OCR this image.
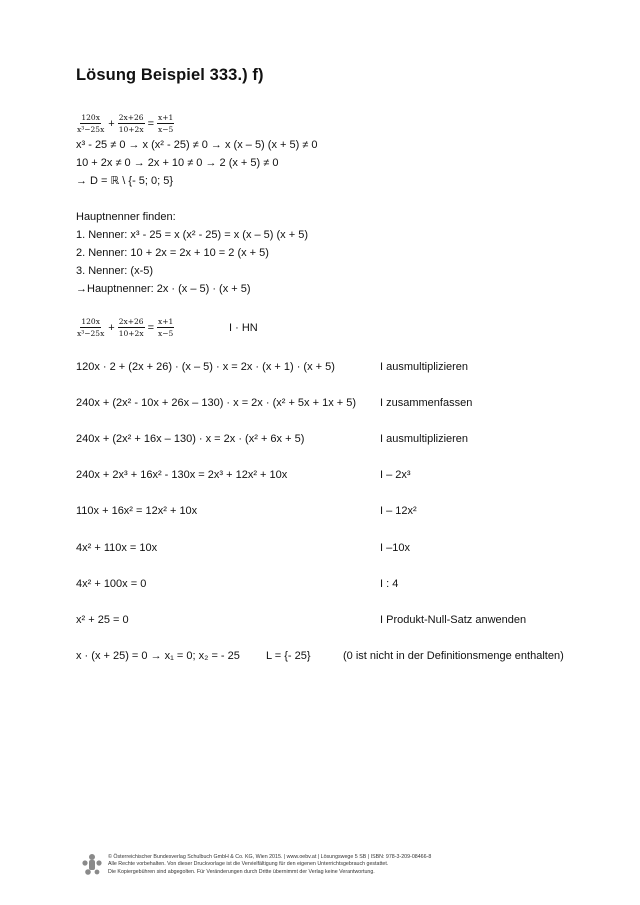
Lösung Beispiel 333.) f)
$\frac{120x}{\text{x³−25x}} + \frac{2x+26}{10+2x} = \frac{x+1}{x-5}$
x³ - 25 ≠ 0 → x (x² - 25) ≠ 0 → x (x – 5) (x + 5) ≠ 0
10 + 2x ≠ 0 → 2x + 10 ≠ 0 → 2 (x + 5) ≠ 0
→ D = ℝ \ {- 5; 0; 5}
Hauptnenner finden:
1. Nenner: x³ - 25 = x (x² - 25) = x (x – 5) (x + 5)
2. Nenner: 10 + 2x = 2x + 10 = 2 (x + 5)
3. Nenner: (x-5)
→Hauptnenner: 2x · (x – 5) · (x + 5)
$\frac{120x}{\text{x³−25x}} + \frac{2x+26}{10+2x} = \frac{x+1}{x-5}$	I · HN
120x · 2 + (2x + 26) · (x – 5) · x = 2x · (x + 1) · (x + 5)	I ausmultiplizieren
240x + (2x² - 10x + 26x – 130) · x = 2x · (x² + 5x + 1x + 5) I zusammenfassen
240x + (2x² + 16x – 130) · x = 2x · (x² + 6x + 5)	I ausmultiplizieren
240x + 2x³ + 16x² - 130x = 2x³ + 12x² + 10x	I – 2x³
110x + 16x² = 12x² + 10x	I – 12x²
4x² + 110x = 10x	I –10x
4x² + 100x = 0	I : 4
x² + 25 = 0	I Produkt-Null-Satz anwenden
x · (x + 25) = 0 → x₁ = 0; x₂ = - 25 L = {- 25}	(0 ist nicht in der Definitionsmenge enthalten)
© Österreichischer Bundesverlag Schulbuch GmbH & Co. KG, Wien 2015. | www.oebv.at | Lösungswege 5 SB | ISBN: 978-3-209-08466-8
Alle Rechte vorbehalten. Von dieser Druckvorlage ist die Vervielfältigung für den eigenen Unterrichtsgebrauch gestattet.
Die Kopiergebühren sind abgegolten. Für Veränderungen durch Dritte übernimmt der Verlag keine Verantwortung.
